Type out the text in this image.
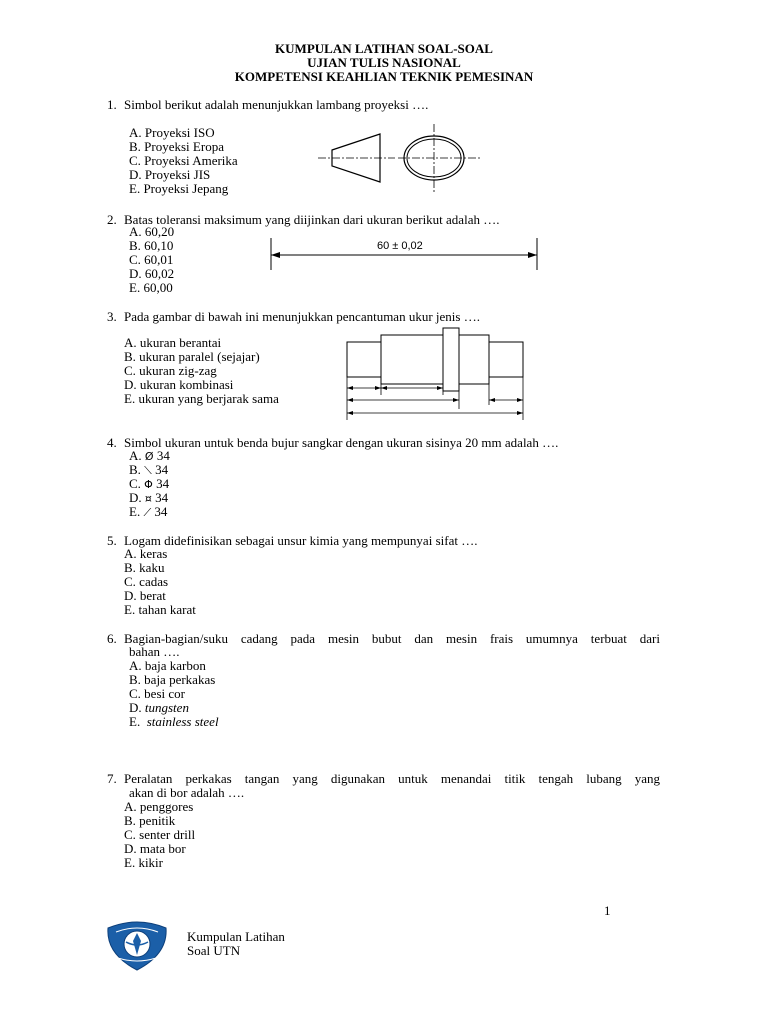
KUMPULAN LATIHAN SOAL-SOAL
UJIAN TULIS NASIONAL
KOMPETENSI KEAHLIAN TEKNIK PEMESINAN
1. Simbol berikut adalah menunjukkan lambang proyeksi ….
A. Proyeksi ISO
B. Proyeksi Eropa
C. Proyeksi Amerika
D. Proyeksi JIS
E. Proyeksi Jepang
2. Batas toleransi maksimum yang diijinkan dari ukuran berikut adalah ….
A. 60,20
B. 60,10
C. 60,01
D. 60,02
E. 60,00
60 ± 0,02
3. Pada gambar di bawah ini menunjukkan pencantuman ukur jenis ….
A. ukuran berantai
B. ukuran paralel (sejajar)
C. ukuran zig-zag
D. ukuran kombinasi
E. ukuran yang berjarak sama
4. Simbol ukuran untuk benda bujur sangkar dengan ukuran sisinya 20 mm adalah ….
A. Ø 34
B. ⟍ 34
C. Φ 34
D. ¤ 34
E. ⟋ 34
5. Logam didefinisikan sebagai unsur kimia yang mempunyai sifat ….
A. keras
B. kaku
C. cadas
D. berat
E. tahan karat
6. Bagian-bagian/suku cadang pada mesin bubut dan mesin frais umumnya terbuat dari
bahan ….
A. baja karbon
B. baja perkakas
C. besi cor
D. tungsten
E. stainless steel
7. Peralatan perkakas tangan yang digunakan untuk menandai titik tengah lubang yang
akan di bor adalah ….
A. penggores
B. penitik
C. senter drill
D. mata bor
E. kikir
1
Kumpulan Latihan
Soal UTN
